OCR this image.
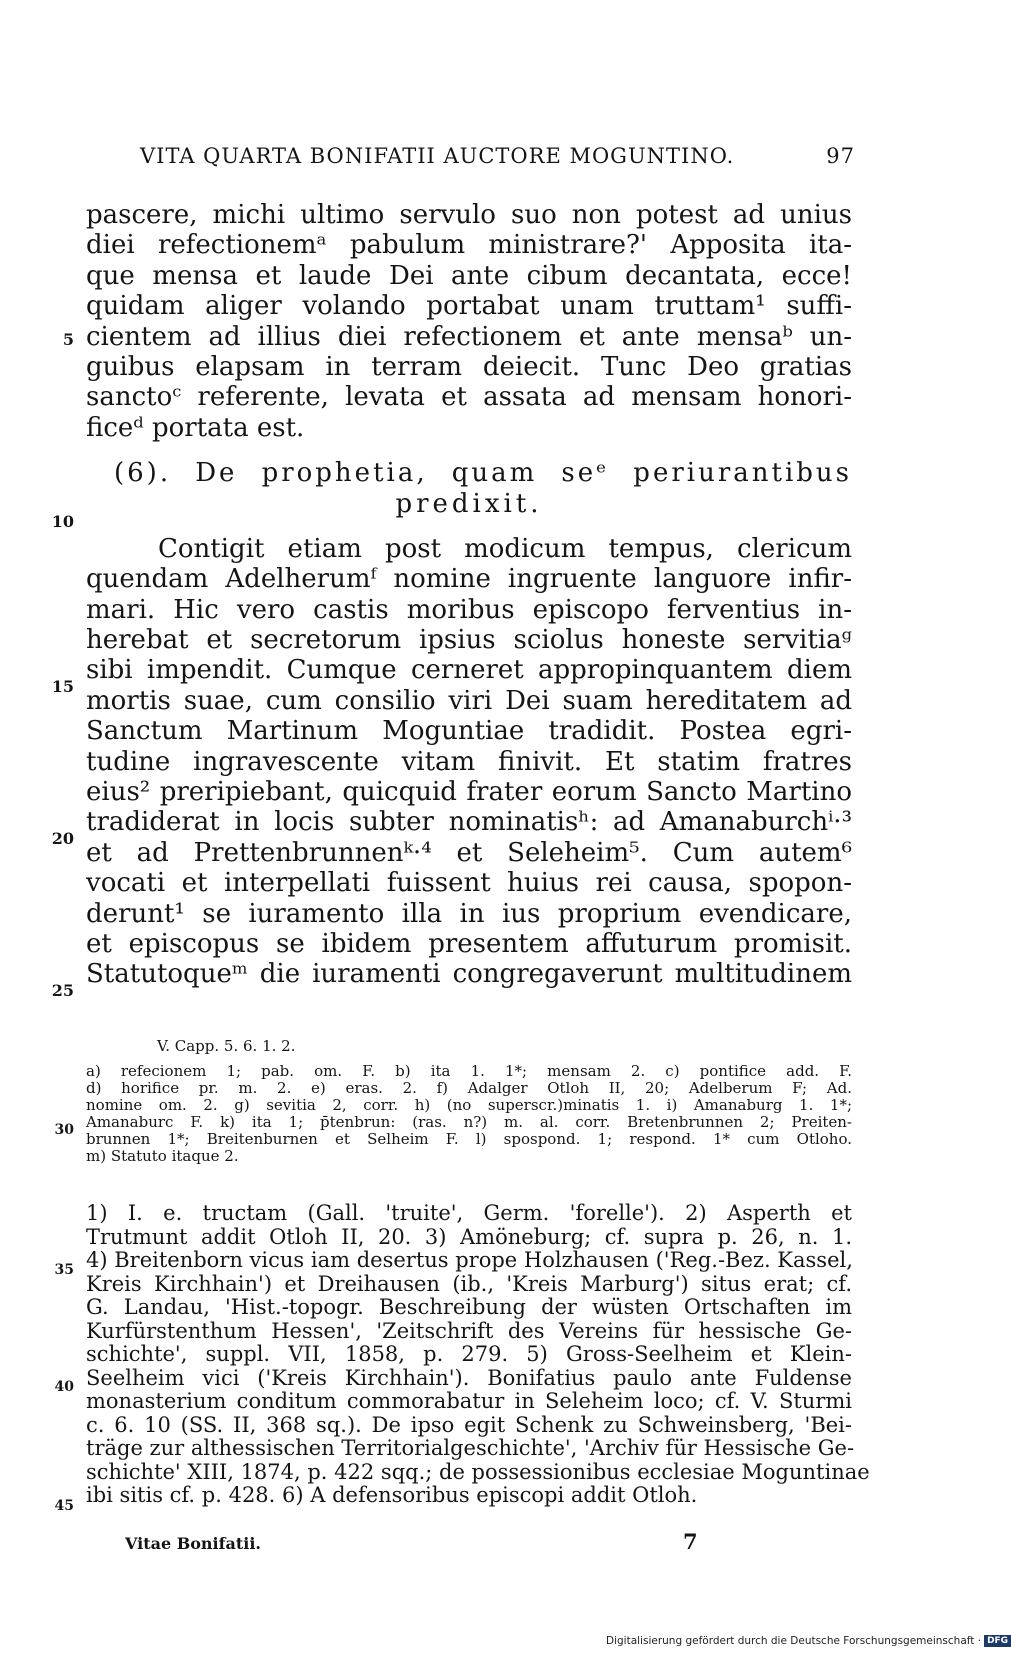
VITA QUARTA BONIFATII AUCTORE MOGUNTINO.	97
pascere, michi ultimo servulo suo non potest ad unius
diei refectionemᵃ pabulum ministrare?' Apposita ita-
que mensa et laude Dei ante cibum decantata, ecce!
quidam aliger volando portabat unam truttam¹ suffi-
cientem ad illius diei refectionem et ante mensaᵇ un-
guibus elapsam in terram deiecit. Tunc Deo gratias
sanctoᶜ referente, levata et assata ad mensam honori-
ficeᵈ portata est.
(6). De prophetia, quam seᵉ periurantibus
predixit.
Contigit etiam post modicum tempus, clericum
quendam Adelherumᶠ nomine ingruente languore infir-
mari. Hic vero castis moribus episcopo ferventius in-
herebat et secretorum ipsius sciolus honeste servitiaᵍ
sibi impendit. Cumque cerneret appropinquantem diem
mortis suae, cum consilio viri Dei suam hereditatem ad
Sanctum Martinum Moguntiae tradidit. Postea egri-
tudine ingravescente vitam finivit. Et statim fratres
eius² preripiebant, quicquid frater eorum Sancto Martino
tradiderat in locis subter nominatisʰ: ad Amanaburchⁱ·³
et ad Prettenbrunnenᵏ·⁴ et Seleheim⁵. Cum autem⁶
vocati et interpellati fuissent huius rei causa, spopon-
derunt¹ se iuramento illa in ius proprium evendicare,
et episcopus se ibidem presentem affuturum promisit.
Statutoqueᵐ die iuramenti congregaverunt multitudinem
5
10
15
20
25
30
35
40
45
V. Capp. 5. 6. 1. 2.
a) refecionem 1; pab. om. F. b) ita 1. 1*; mensam 2. c) pontifice add. F.
d) horifice pr. m. 2. e) eras. 2. f) Adalger Otloh II, 20; Adelberum F; Ad.
nomine om. 2. g) sevitia 2, corr. h) (no superscr.)minatis 1. i) Amanaburg 1. 1*;
Amanaburc F. k) ita 1; p̄tenbrun: (ras. n?) m. al. corr. Bretenbrunnen 2; Preiten-
brunnen 1*; Breitenburnen et Selheim F. l) spospond. 1; respond. 1* cum Otloho.
m) Statuto itaque 2.
1) I. e. tructam (Gall. 'truite', Germ. 'forelle'). 2) Asperth et
Trutmunt addit Otloh II, 20. 3) Amöneburg; cf. supra p. 26, n. 1.
4) Breitenborn vicus iam desertus prope Holzhausen ('Reg.-Bez. Kassel,
Kreis Kirchhain') et Dreihausen (ib., 'Kreis Marburg') situs erat; cf.
G. Landau, 'Hist.-topogr. Beschreibung der wüsten Ortschaften im
Kurfürstenthum Hessen', 'Zeitschrift des Vereins für hessische Ge-
schichte', suppl. VII, 1858, p. 279. 5) Gross-Seelheim et Klein-
Seelheim vici ('Kreis Kirchhain'). Bonifatius paulo ante Fuldense
monasterium conditum commorabatur in Seleheim loco; cf. V. Sturmi
c. 6. 10 (SS. II, 368 sq.). De ipso egit Schenk zu Schweinsberg, 'Bei-
träge zur althessischen Territorialgeschichte', 'Archiv für Hessische Ge-
schichte' XIII, 1874, p. 422 sqq.; de possessionibus ecclesiae Moguntinae
ibi sitis cf. p. 428. 6) A defensoribus episcopi addit Otloh.
Vitae Bonifatii.	7
Digitalisierung gefördert durch die Deutsche Forschungsgemeinschaft · DFG
